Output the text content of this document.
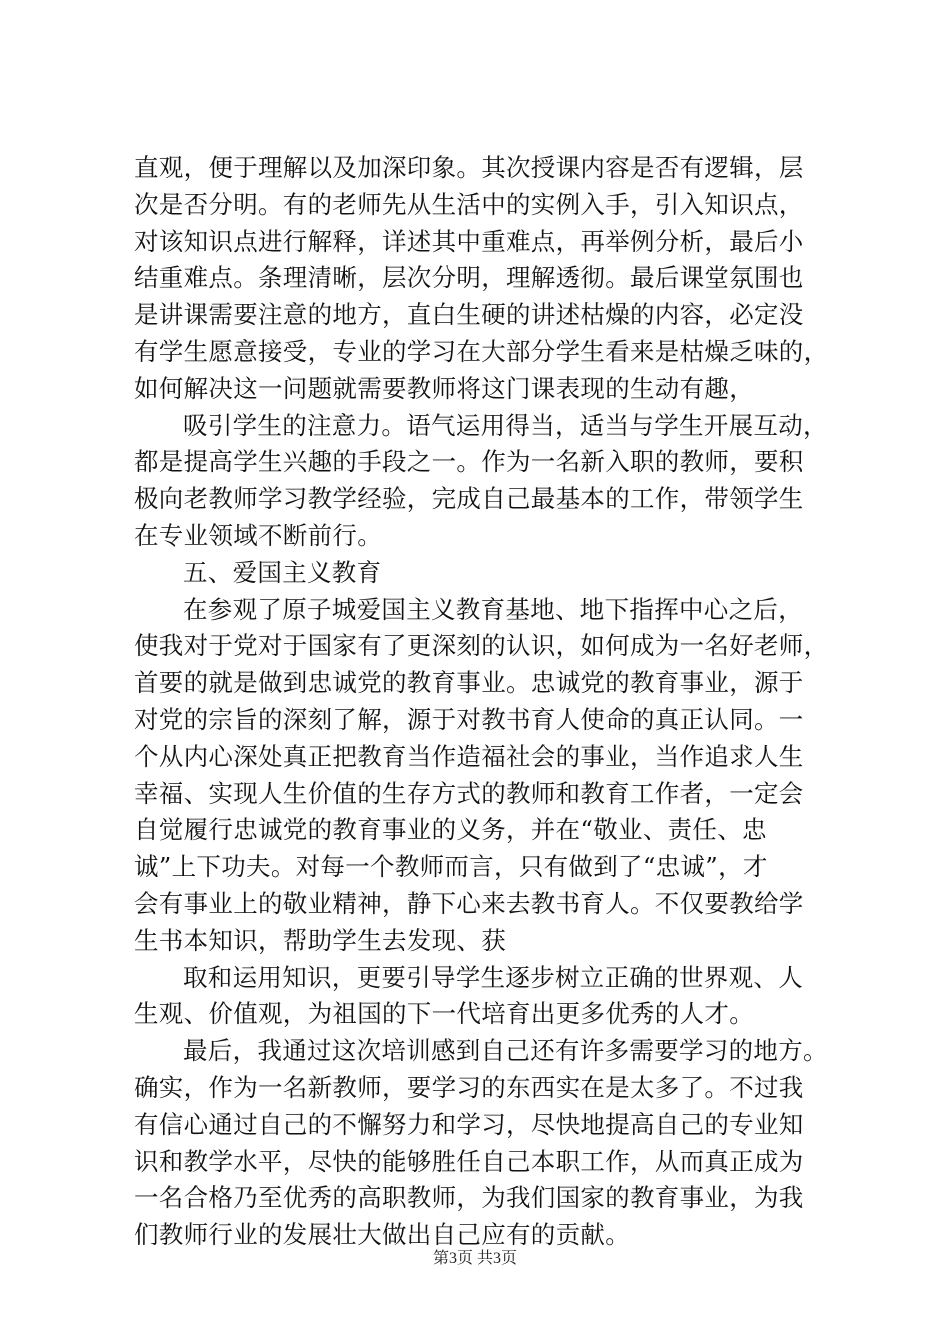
直观，便于理解以及加深印象。其次授课内容是否有逻辑，层
次是否分明。有的老师先从生活中的实例入手，引入知识点，
对该知识点进行解释，详述其中重难点，再举例分析，最后小
结重难点。条理清晰，层次分明，理解透彻。最后课堂氛围也
是讲课需要注意的地方，直白生硬的讲述枯燥的内容，必定没
有学生愿意接受，专业的学习在大部分学生看来是枯燥乏味的，
如何解决这一问题就需要教师将这门课表现的生动有趣，
吸引学生的注意力。语气运用得当，适当与学生开展互动，
都是提高学生兴趣的手段之一。作为一名新入职的教师，要积
极向老教师学习教学经验，完成自己最基本的工作，带领学生
在专业领域不断前行。
五、爱国主义教育
在参观了原子城爱国主义教育基地、地下指挥中心之后，
使我对于党对于国家有了更深刻的认识，如何成为一名好老师，
首要的就是做到忠诚党的教育事业。忠诚党的教育事业，源于
对党的宗旨的深刻了解，源于对教书育人使命的真正认同。一
个从内心深处真正把教育当作造福社会的事业，当作追求人生
幸福、实现人生价值的生存方式的教师和教育工作者，一定会
自觉履行忠诚党的教育事业的义务，并在“敬业、责任、忠
诚”上下功夫。对每一个教师而言，只有做到了“忠诚”，才
会有事业上的敬业精神，静下心来去教书育人。不仅要教给学
生书本知识，帮助学生去发现、获
取和运用知识，更要引导学生逐步树立正确的世界观、人
生观、价值观，为祖国的下一代培育出更多优秀的人才。
最后，我通过这次培训感到自己还有许多需要学习的地方。
确实，作为一名新教师，要学习的东西实在是太多了。不过我
有信心通过自己的不懈努力和学习，尽快地提高自己的专业知
识和教学水平，尽快的能够胜任自己本职工作，从而真正成为
一名合格乃至优秀的高职教师，为我们国家的教育事业，为我
们教师行业的发展壮大做出自己应有的贡献。
第3页 共3页
